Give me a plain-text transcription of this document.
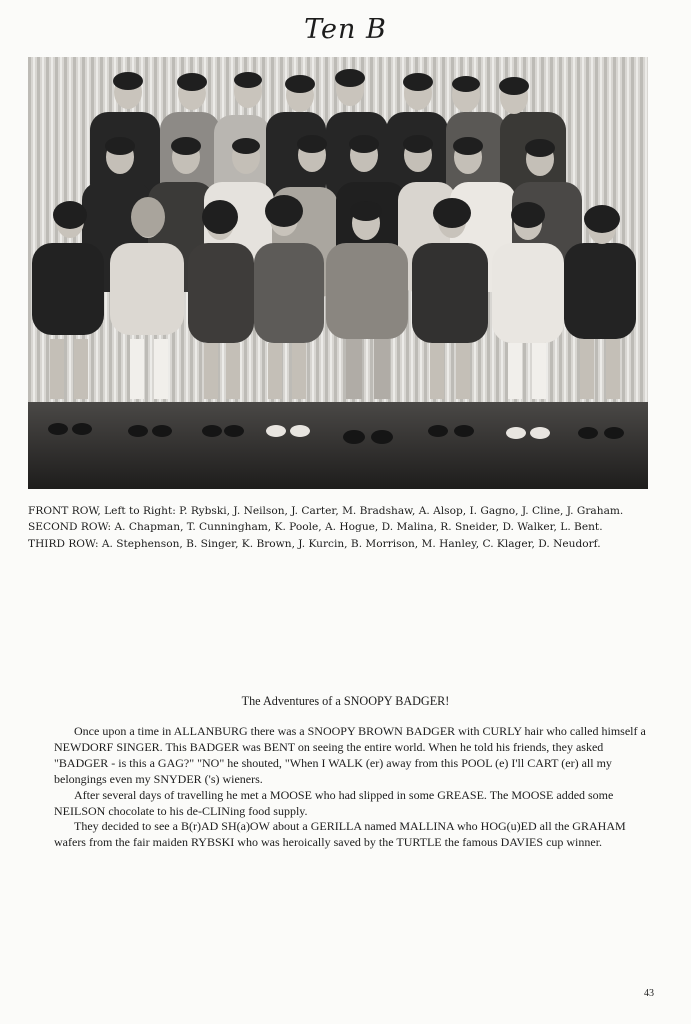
Ten B

FRONT ROW, Left to Right: P. Rybski, J. Neilson, J. Carter, M. Bradshaw, A. Alsop, I. Gagno, J. Cline, J. Graham.

SECOND ROW: A. Chapman, T. Cunningham, K. Poole, A. Hogue, D. Malina, R. Sneider, D. Walker, L. Bent.

THIRD ROW: A. Stephenson, B. Singer, K. Brown, J. Kurcin, B. Morrison, M. Hanley, C. Klager, D. Neudorf.

The Adventures of a SNOOPY BADGER!

Once upon a time in ALLANBURG there was a SNOOPY BROWN BADGER with CURLY hair who called himself a NEWDORF SINGER. This BADGER was BENT on seeing the entire world. When he told his friends, they asked "BADGER - is this a GAG?" "NO" he shouted, "When I WALK (er) away from this POOL (e) I'll CART (er) all my belongings even my SNYDER ('s) wieners.

After several days of travelling he met a MOOSE who had slipped in some GREASE. The MOOSE added some NEILSON chocolate to his de-CLINing food supply.

They decided to see a B(r)AD SH(a)OW about a GERILLA named MALLINA who HOG(u)ED all the GRAHAM wafers from the fair maiden RYBSKI who was heroically saved by the TURTLE the famous DAVIES cup winner.

43
